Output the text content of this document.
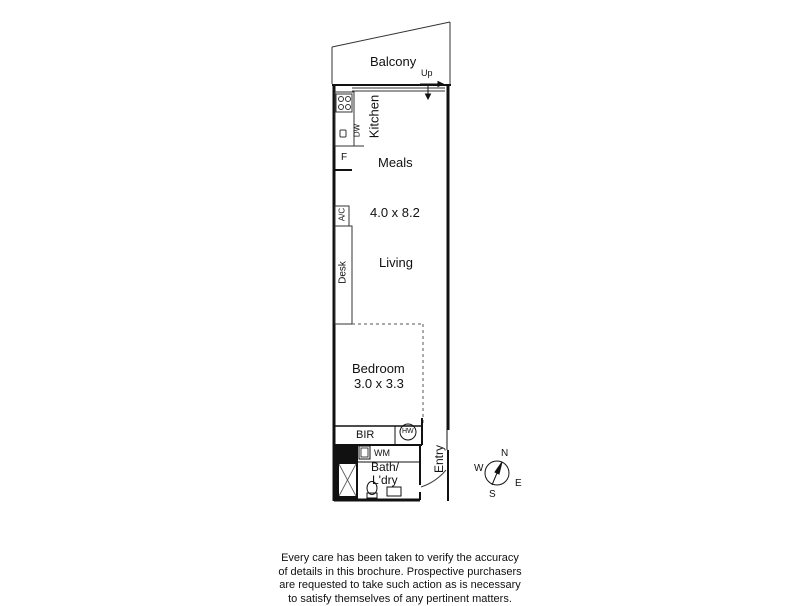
Balcony
Up
Kitchen
DW
F Meals
A/C 4.0 x 8.2
Living
Desk
Bedroom
3.0 x 3.3
BIR	HW
WM
Bath/
L'dry
Entry	N
W
E
S
Every care has been taken to verify the accuracy
of details in this brochure. Prospective purchasers
are requested to take such action as is necessary
to satisfy themselves of any pertinent matters.
